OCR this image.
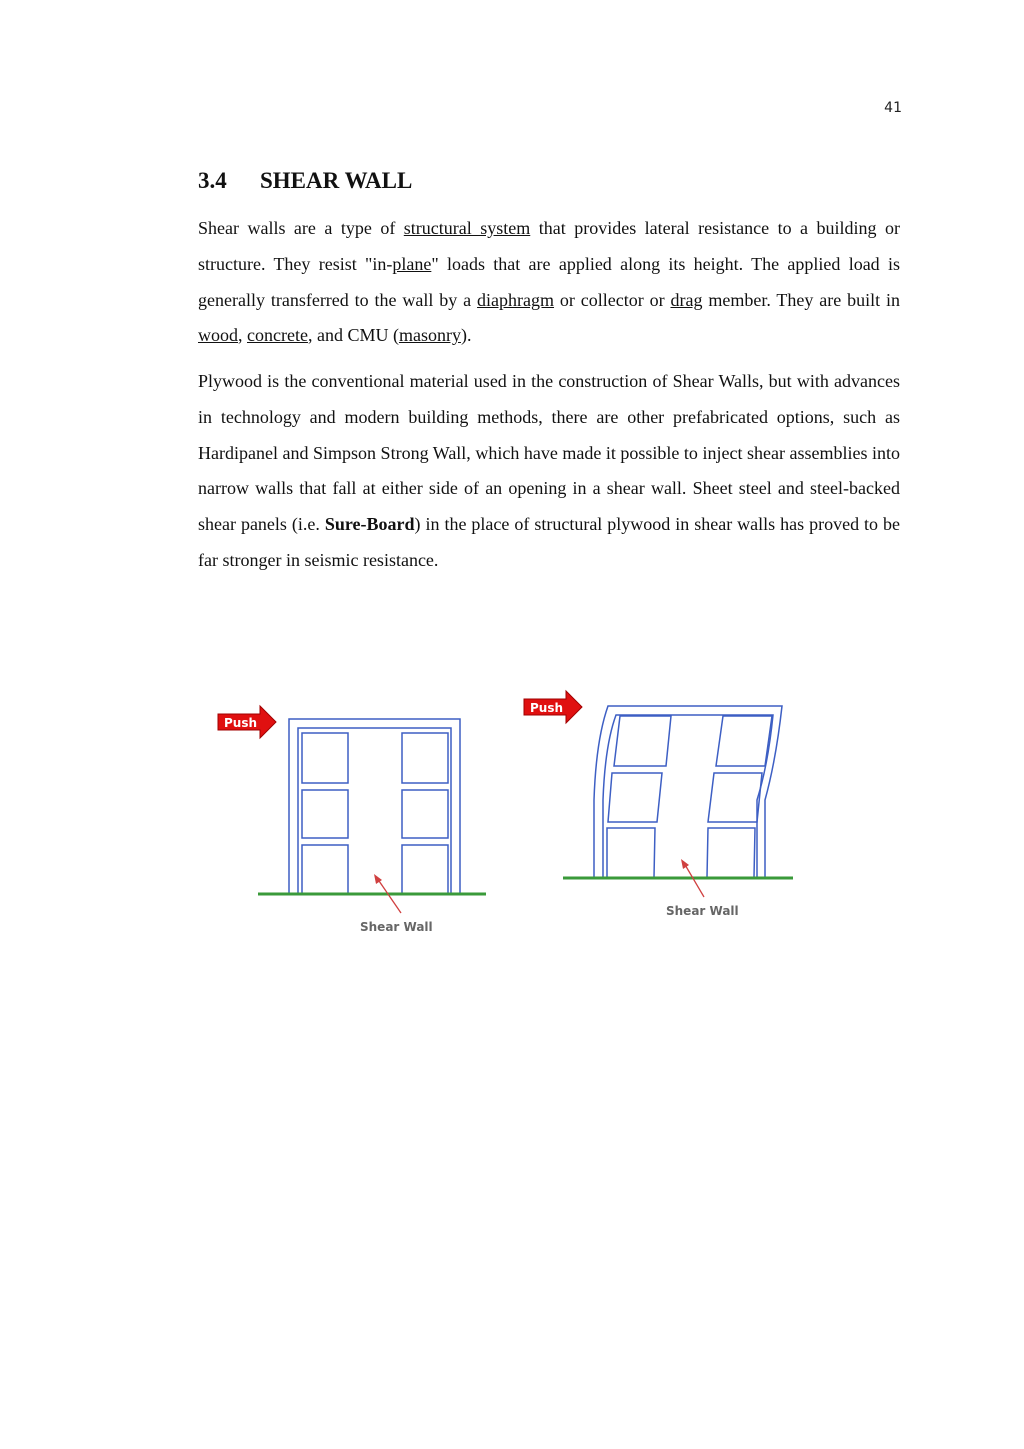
41
3.4 SHEAR WALL

Shear walls are a type of structural system that provides lateral resistance to a building or structure. They resist "in-plane" loads that are applied along its height. The applied load is generally transferred to the wall by a diaphragm or collector or drag member. They are built in wood, concrete, and CMU (masonry).

Plywood is the conventional material used in the construction of Shear Walls, but with advances in technology and modern building methods, there are other prefabricated options, such as Hardipanel and Simpson Strong Wall, which have made it possible to inject shear assemblies into narrow walls that fall at either side of an opening in a shear wall. Sheet steel and steel-backed shear panels (i.e. Sure-Board) in the place of structural plywood in shear walls has proved to be far stronger in seismic resistance.

Push
Shear Wall
Push
Shear Wall
